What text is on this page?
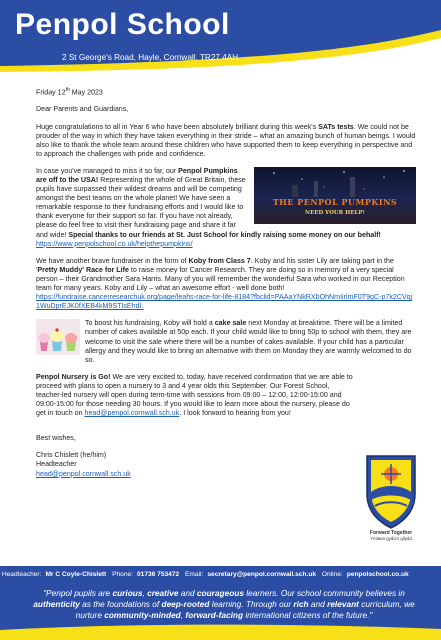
Penpol School
2 St George's Road, Hayle, Cornwall, TR27 4AH

Friday 12th May 2023

Dear Parents and Guardians,

Huge congratulations to all in Year 6 who have been absolutely brilliant during this week's SATs tests. We could not be prouder of the way in which they have taken everything in their stride – what an amazing bunch of human beings. I would also like to thank the whole team around these children who have supported them to keep everything in perspective and to approach the challenges with pride and confidence.

THE PENPOL PUMPKINS
NEED YOUR HELP!

In case you've managed to miss it so far, our Penpol Pumpkins are off to the USA! Representing the whole of Great Britain, these pupils have surpassed their wildest dreams and will be competing amongst the best teams on the whole planet! We have seen a remarkable response to their fundraising efforts and I would like to thank everyone for their support so far. If you have not already, please do feel free to visit their fundraising page and share it far and wide! Special thanks to our friends at St. Just School for kindly raising some money on our behalf!

https://www.penpolschool.co.uk/helpthepumpkins/

We have another brave fundraiser in the form of Koby from Class 7. Koby and his sister Lily are taking part in the 'Pretty Muddy' Race for Life to raise money for Cancer Research. They are doing so in memory of a very special person – their Grandmother Sara Harris. Many of you will remember the wonderful Sara who worked in our Reception team for many years. Koby and Lily – what an awesome effort - well done both!

https://fundraise.cancerresearchuk.org/page/leahs-race-for-life-8184?fbclid=PAAaYNkRXbOhNmIirlmF0T9gC-p7k2CVqj1WuDprEJK0fXEB4kM9STIsEhdI.

To boost his fundraising, Koby will hold a cake sale next Monday at breaktime. There will be a limited number of cakes available at 50p each. If your child would like to bring 50p to school with them, they are welcome to visit the sale where there will be a number of cakes available. If your child has a particular allergy and they would like to bring an alternative with them on Monday they are warmly welcomed to do so.

Penpol Nursery is Go! We are very excited to, today, have received confirmation that we are able to proceed with plans to open a nursery to 3 and 4 year olds this September. Our Forest School, teacher-led nursery will open during term-time with sessions from 09:00 – 12:00, 12:00-15:00 and 09:00-15:00 for those needing 30 hours. If you would like to learn more about the nursery, please do get in touch on head@penpol.cornwall.sch.uk. I look forward to hearing from you!

Best wishes,

Chris Chislett (he/him)

Headteacher

head@penpol.cornwall.sch.uk

Forward Together
Ymlaen gyda'n gilydd
Headteacher: Mr C Coyle-Chislett Phone: 01736 753472 Email: secretary@penpol.cornwall.sch.uk Online: penpolschool.co.uk
"Penpol pupils are curious, creative and courageous learners. Our school community believes in authenticity as the foundations of deep-rooted learning. Through our rich and relevant curriculum, we nurture community-minded, forward-facing international citizens of the future."
